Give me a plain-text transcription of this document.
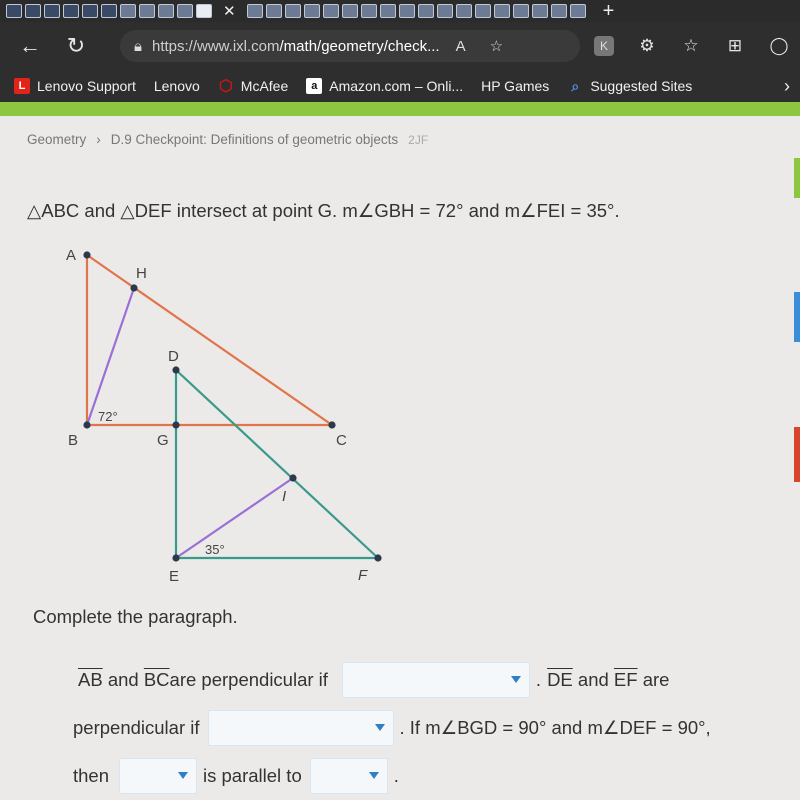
✕	+
←	↻	🔒︎ https://www.ixl.com/math/geometry/check... A ☆	K	⚙ ☆ ⊞ ◯
L Lenovo Support Lenovo ⬡ McAfee	a Amazon.com – Onli... HP Games ⌕ Suggested Sites	›
Geometry › D.9 Checkpoint: Definitions of geometric objects 2JF
△ABC and △DEF intersect at point G. m∠GBH = 72° and m∠FEI = 35°.
A
H
D
B	G	C
I
E	F
72°
35°
Complete the paragraph.
$\overline{AB}$ and $\overline{BC}$ are perpendicular if	. $\overline{DE}$ and $\overline{EF}$ are
perpendicular if	. If m∠BGD = 90° and m∠DEF = 90°,
then	is parallel to	.
